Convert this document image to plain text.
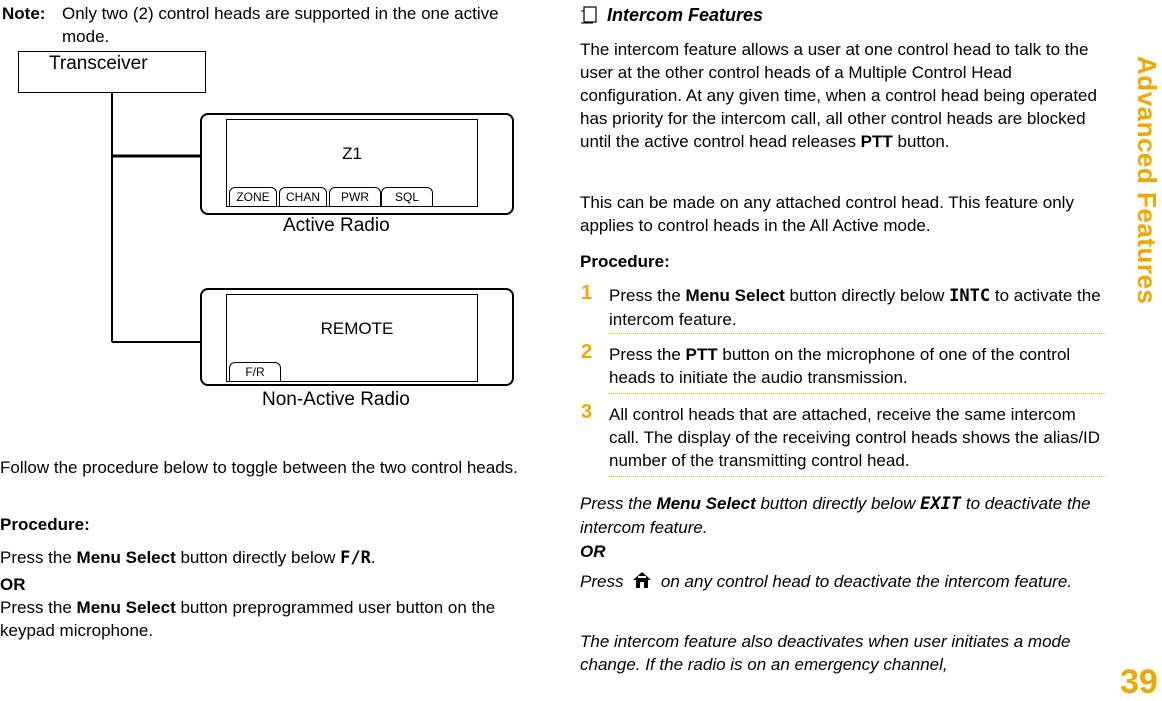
Note: Only two (2) control heads are supported in the one active mode.
Transceiver
Z1
ZONE	CHAN	PWR	SQL
Active Radio
REMOTE
F/R
Non-Active Radio
Follow the procedure below to toggle between the two control heads.
Procedure:
Press the Menu Select button directly below F/R.
OR
Press the Menu Select button preprogrammed user button on the keypad microphone.
Intercom Features
The intercom feature allows a user at one control head to talk to the user at the other control heads of a Multiple Control Head configuration. At any given time, when a control head being operated has priority for the intercom call, all other control heads are blocked until the active control head releases PTT button.
This can be made on any attached control head. This feature only applies to control heads in the All Active mode.
Procedure:
1 Press the Menu Select button directly below INTC to activate the intercom feature.
2 Press the PTT button on the microphone of one of the control heads to initiate the audio transmission.
3 All control heads that are attached, receive the same intercom call. The display of the receiving control heads shows the alias/ID number of the transmitting control head.
Press the Menu Select button directly below EXIT to deactivate the intercom feature.
OR
Press  on any control head to deactivate the intercom feature.
The intercom feature also deactivates when user initiates a mode change. If the radio is on an emergency channel,
Advanced Features
39
